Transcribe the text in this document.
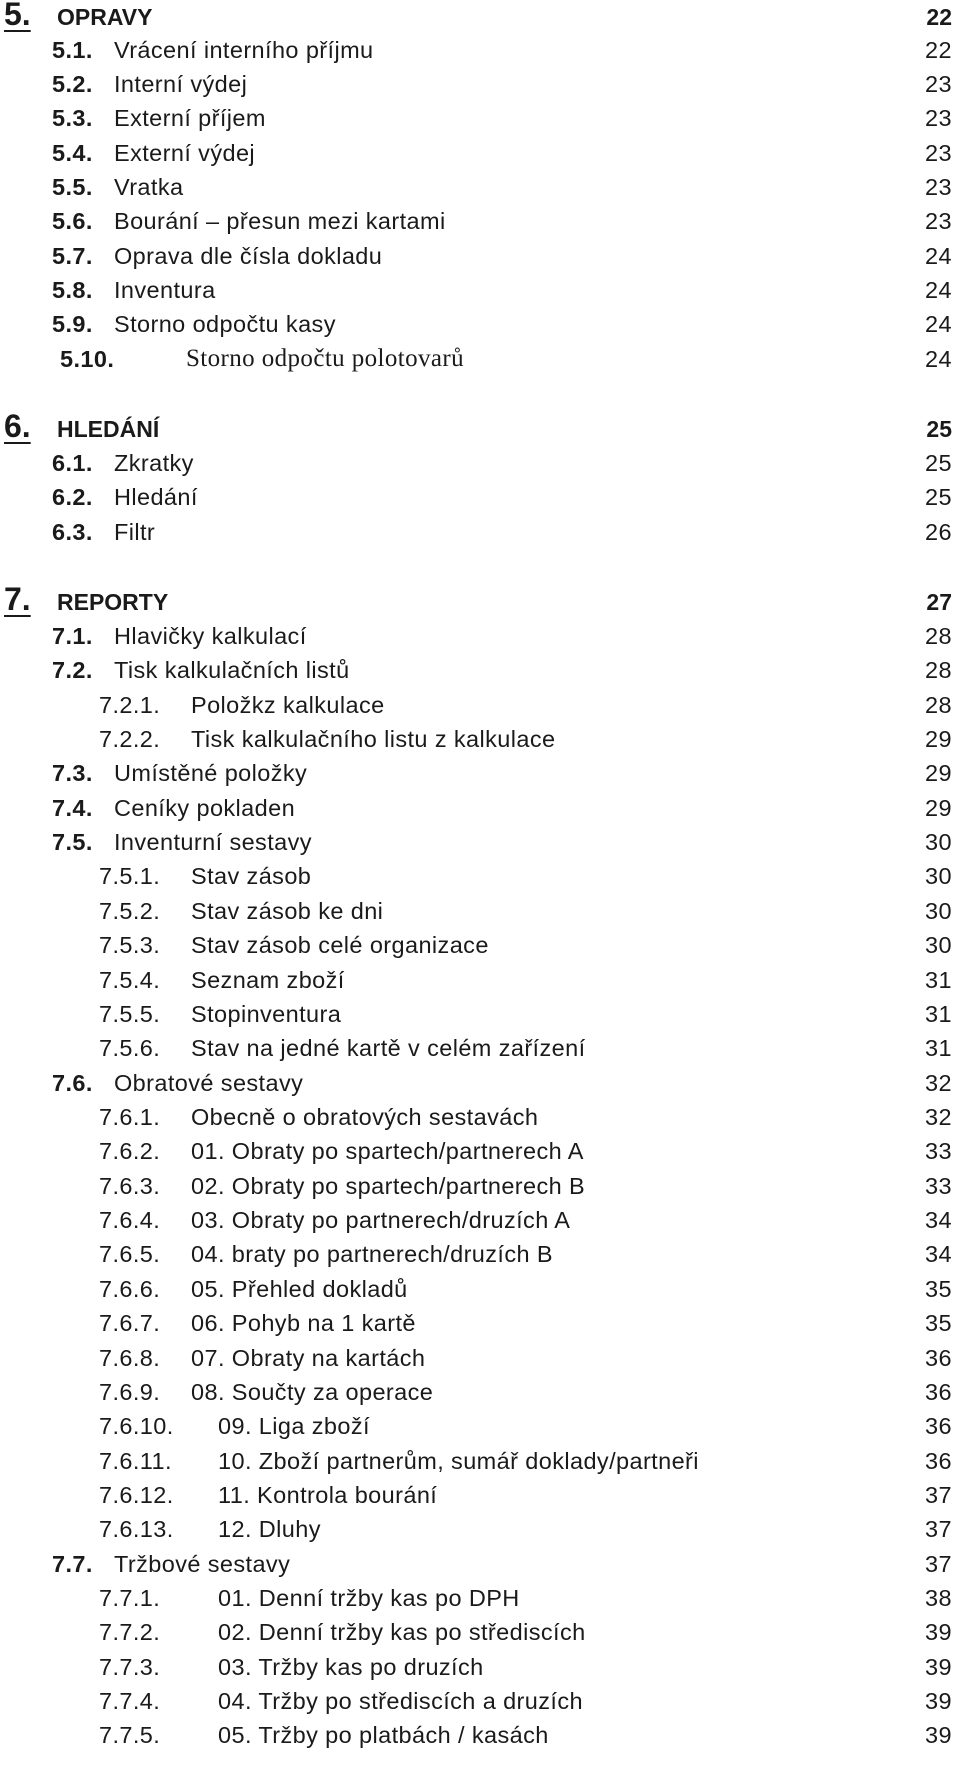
5. OPRAVY	22
5.1. Vrácení interního příjmu	22
5.2. Interní výdej	23
5.3. Externí příjem	23
5.4. Externí výdej	23
5.5. Vratka	23
5.6. Bourání – přesun mezi kartami	23
5.7. Oprava dle čísla dokladu	24
5.8. Inventura	24
5.9. Storno odpočtu kasy	24
5.10.	Storno odpočtu polotovarů	24
6. HLEDÁNÍ	25
6.1. Zkratky	25
6.2. Hledání	25
6.3. Filtr	26
7. REPORTY	27
7.1. Hlavičky kalkulací	28
7.2. Tisk kalkulačních listů	28
7.2.1. Položkz kalkulace	28
7.2.2. Tisk kalkulačního listu z kalkulace	29
7.3. Umístěné položky	29
7.4. Ceníky pokladen	29
7.5. Inventurní sestavy	30
7.5.1. Stav zásob	30
7.5.2. Stav zásob ke dni	30
7.5.3. Stav zásob celé organizace	30
7.5.4. Seznam zboží	31
7.5.5. Stopinventura	31
7.5.6. Stav na jedné kartě v celém zařízení	31
7.6. Obratové sestavy	32
7.6.1. Obecně o obratových sestavách	32
7.6.2. 01. Obraty po spartech/partnerech A	33
7.6.3. 02. Obraty po spartech/partnerech B	33
7.6.4. 03. Obraty po partnerech/druzích A	34
7.6.5. 04. braty po partnerech/druzích B	34
7.6.6. 05. Přehled dokladů	35
7.6.7. 06. Pohyb na 1 kartě	35
7.6.8. 07. Obraty na kartách	36
7.6.9. 08. Součty za operace	36
7.6.10. 09. Liga zboží	36
7.6.11. 10. Zboží partnerům, sumář doklady/partneři	36
7.6.12. 11. Kontrola bourání	37
7.6.13. 12. Dluhy	37
7.7. Tržbové sestavy	37
7.7.1. 01. Denní tržby kas po DPH	38
7.7.2. 02. Denní tržby kas po střediscích	39
7.7.3. 03. Tržby kas po druzích	39
7.7.4. 04. Tržby po střediscích a druzích	39
7.7.5. 05. Tržby po platbách / kasách	39
